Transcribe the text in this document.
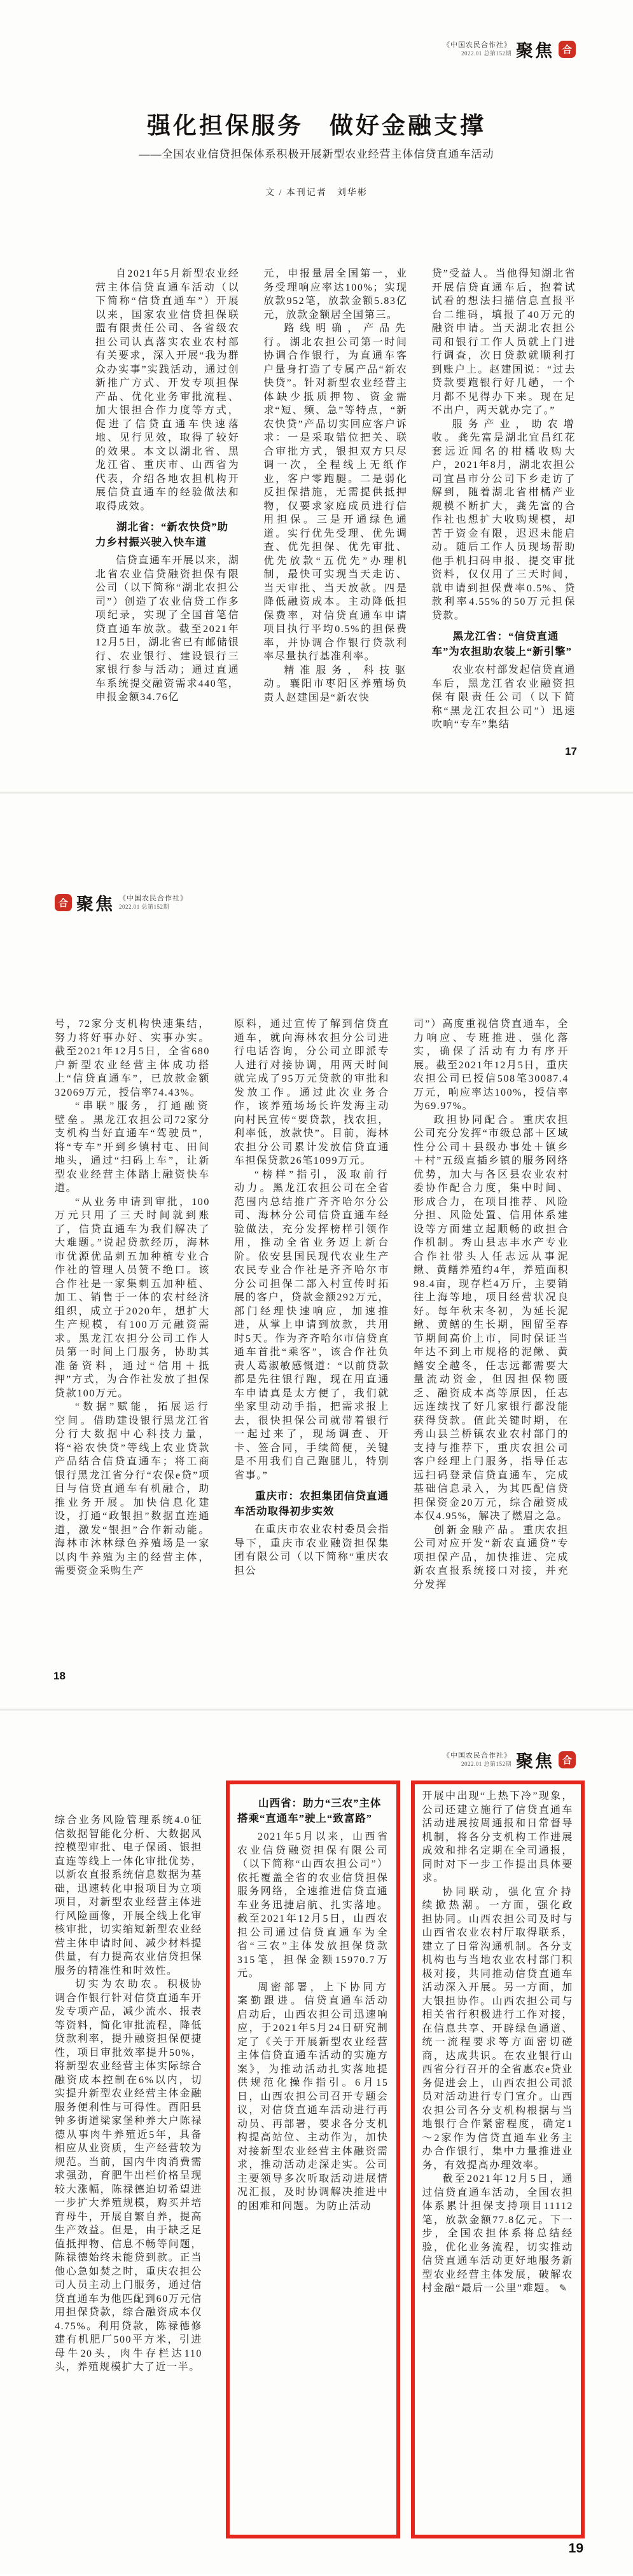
《中国农民合作社》
2022.01 总第152期 聚焦 合
强化担保服务　做好金融支撑
——全国农业信贷担保体系积极开展新型农业经营主体信贷直通车活动
文 / 本刊记者　刘华彬

自2021年5月新型农业经营主体信贷直通车活动（以下简称“信贷直通车”）开展以来，国家农业信贷担保联盟有限责任公司、各省级农担公司认真落实农业农村部有关要求，深入开展“我为群众办实事”实践活动，通过创新推广方式、开发专项担保产品、优化业务审批流程、加大银担合作力度等方式，促进了信贷直通车快速落地、见行见效，取得了较好的效果。本文以湖北省、黑龙江省、重庆市、山西省为代表，介绍各地农担机构开展信贷直通车的经验做法和取得成效。

湖北省：“新农快贷”助力乡村振兴驶入快车道

信贷直通车开展以来，湖北省农业信贷融资担保有限公司（以下简称“湖北农担公司”）创造了农业信贷工作多项纪录，实现了全国首笔信贷直通车放款。截至2021年12月5日，湖北省已有邮储银行、农业银行、建设银行三家银行参与活动；通过直通车系统提交融资需求440笔，申报金额34.76亿

元，申报量居全国第一，业务受理响应率达100%；实现放款952笔，放款金额5.83亿元，放款金额居全国第三。

路线明确，产品先行。湖北农担公司第一时间协调合作银行，为直通车客户量身打造了专属产品“新农快贷”。针对新型农业经营主体缺少抵质押物、资金需求“短、频、急”等特点，“新农快贷”产品切实回应客户诉求：一是采取错位把关、联合审批方式，银担双方只尽调一次，全程线上无纸作业，客户零跑腿。二是弱化反担保措施，无需提供抵押物，仅要求家庭成员进行信用担保。三是开通绿色通道。实行优先受理、优先调查、优先担保、优先审批、优先放款“五优先”办理机制，最快可实现当天走访、当天审批、当天放款。四是降低融资成本。主动降低担保费率，对信贷直通车申请项目执行平均0.5%的担保费率，并协调合作银行贷款利率尽量执行基准利率。

精准服务，科技驱动。襄阳市枣阳区养殖场负责人赵建国是“新农快

贷”受益人。当他得知湖北省开展信贷直通车后，抱着试试看的想法扫描信息直报平台二维码，填报了40万元的融资申请。当天湖北农担公司和银行工作人员就上门进行调查，次日贷款就顺利打到账户上。赵建国说：“过去贷款要跑银行好几趟，一个月都不见得办下来。现在足不出户，两天就办完了。”

服务产业，助农增收。龚先富是湖北宜昌红花套远近闻名的柑橘收购大户，2021年8月，湖北农担公司宜昌市分公司下乡走访了解到，随着湖北省柑橘产业规模不断扩大，龚先富的合作社也想扩大收购规模，却苦于资金有限，迟迟未能启动。随后工作人员现场帮助他手机扫码申报、提交审批资料，仅仅用了三天时间，就申请到担保费率0.5%、贷款利率4.55%的50万元担保贷款。

黑龙江省：“信贷直通车”为农担助农装上“新引擎”

农业农村部发起信贷直通车后，黑龙江省农业融资担保有限责任公司（以下简称“黑龙江农担公司”）迅速吹响“专车”集结

17
合 聚焦 《中国农民合作社》
2022.01 总第152期

号，72家分支机构快速集结，努力将好事办好、实事办实。截至2021年12月5日，全省680户新型农业经营主体成功搭上“信贷直通车”，已放款金额32069万元，授信率74.43%。

“串联”服务，打通融资壁垒。黑龙江农担公司72家分支机构当好直通车“驾驶员”，将“专车”开到乡镇村屯、田间地头，通过“扫码上车”，让新型农业经营主体踏上融资快车道。

“从业务申请到审批，100万元只用了三天时间就到账了，信贷直通车为我们解决了大难题。”说起贷款经历，海林市优源优品刺五加种植专业合作社的管理人员赞不绝口。该合作社是一家集刺五加种植、加工、销售于一体的农村经济组织，成立于2020年，想扩大生产规模，有100万元融资需求。黑龙江农担分公司工作人员第一时间上门服务，协助其准备资料，通过“信用＋抵押”方式，为合作社发放了担保贷款100万元。

“数据”赋能，拓展运行空间。借助建设银行黑龙江省分行大数据中心科技力量，将“裕农快贷”等线上农业贷款产品结合信贷直通车；将工商银行黑龙江省分行“农保e贷”项目与信贷直通车有机融合，助推业务开展。加快信息化建设，打通“政银担”数据直连通道，激发“银担”合作新动能。海林市沐林绿色养殖场是一家以肉牛养殖为主的经营主体，需要资金采购生产

原料，通过宣传了解到信贷直通车，就向海林农担分公司进行电话咨询，分公司立即派专人进行对接协调，用两天时间就完成了95万元贷款的审批和发放工作。通过此次业务合作，该养殖场场长许发海主动向村民宣传“要贷款，找农担，利率低，放款快”。目前，海林农担分公司累计发放信贷直通车担保贷款26笔1099万元。

“榜样”指引，汲取前行动力。黑龙江农担公司在全省范围内总结推广齐齐哈尔分公司、海林分公司信贷直通车经验做法，充分发挥榜样引领作用，推动全省业务迈上新台阶。依安县国民现代农业生产农民专业合作社是齐齐哈尔市分公司担保二部入村宣传时拓展的客户，贷款金额292万元，部门经理快速响应，加速推进，从掌上申请到放款，共用时5天。作为齐齐哈尔市信贷直通车首批“乘客”，该合作社负责人葛淑敏感慨道：“以前贷款都是先往银行跑，现在用直通车申请真是太方便了，我们就坐家里动动手指，把需求报上去，很快担保公司就带着银行一起过来了，现场调查、开卡、签合同，手续简便，关键是不用我们自己跑腿儿，特别省事。”

重庆市：农担集团信贷直通车活动取得初步实效

在重庆市农业农村委员会指导下，重庆市农业融资担保集团有限公司（以下简称“重庆农担公

司”）高度重视信贷直通车，全力响应、专班推进、强化落实，确保了活动有力有序开展。截至2021年12月5日，重庆农担公司已授信508笔30087.4万元，响应率达100%，授信率为69.97%。

政担协同配合。重庆农担公司充分发挥“市级总部＋区域性分公司＋县级办事处＋镇乡＋村”五级直插乡镇的服务网络优势，加大与各区县农业农村委协作配合力度，集中时间、形成合力，在项目推荐、风险分担、风险处置、信用体系建设等方面建立起顺畅的政担合作机制。秀山县志丰水产专业合作社带头人任志远从事泥鳅、黄鳝养殖约4年，养殖面积98.4亩，现存栏4万斤，主要销往上海等地，项目经营状况良好。每年秋末冬初，为延长泥鳅、黄鳝的生长期，囤留至春节期间高价上市，同时保证当年达不到上市规格的泥鳅、黄鳝安全越冬，任志远都需要大量流动资金，但因担保物匮乏、融资成本高等原因，任志远连续找了好几家银行都没能获得贷款。值此关键时期，在秀山县兰桥镇农业农村部门的支持与推荐下，重庆农担公司客户经理上门服务，指导任志远扫码登录信贷直通车，完成基础信息录入，为其匹配信贷担保资金20万元，综合融资成本仅4.95%，解决了燃眉之急。

创新金融产品。重庆农担公司对应开发“新农直通贷”专项担保产品，加快推进、完成新农直报系统接口对接，并充分发挥

18
《中国农民合作社》
2022.01 总第152期 聚焦 合

综合业务风险管理系统4.0征信数据智能化分析、大数据风控模型审批、电子保函、银担直连等线上一体化审批优势，以新农直报系统信息数据为基础，迅速转化申报项目为立项项目，对新型农业经营主体进行风险画像，开展全线上化审核审批，切实缩短新型农业经营主体申请时间、减少材料提供量，有力提高农业信贷担保服务的精准性和时效性。

切实为农助农。积极协调合作银行针对信贷直通车开发专项产品，减少流水、报表等资料，简化审批流程，降低贷款利率，提升融资担保便捷性，项目审批效率提升50%，将新型农业经营主体实际综合融资成本控制在6%以内，切实提升新型农业经营主体金融服务便利性与可得性。酉阳县钟多街道梁家堡种养大户陈禄德从事肉牛养殖近5年，具备相应从业资质，生产经营较为规范。当前，国内牛肉消费需求强劲，育肥牛出栏价格呈现较大涨幅，陈禄德迫切希望进一步扩大养殖规模，购买并培育母牛，开展自繁自养，提高生产效益。但是，由于缺乏足值抵押物、信息不畅等问题，陈禄德始终未能贷到款。正当他心急如焚之时，重庆农担公司人员主动上门服务，通过信贷直通车为他匹配到60万元信用担保贷款，综合融资成本仅4.75%。利用贷款，陈禄德修建有机肥厂500平方米，引进母牛20头，肉牛存栏达110头，养殖规模扩大了近一半。

山西省：助力“三农”主体搭乘“直通车”驶上“致富路”

2021年5月以来，山西省农业信贷融资担保有限公司（以下简称“山西农担公司”）依托覆盖全省的农业信贷担保服务网络，全速推进信贷直通车业务迅捷启航、扎实落地。截至2021年12月5日，山西农担公司通过信贷直通车为全省“三农”主体发放担保贷款315笔，担保金额15970.7万元。

周密部署，上下协同方案勤跟进。信贷直通车活动启动后，山西农担公司迅速响应，于2021年5月24日研究制定了《关于开展新型农业经营主体信贷直通车活动的实施方案》，为推动活动扎实落地提供规范化操作指引。6月15日，山西农担公司召开专题会议，对信贷直通车活动进行再动员、再部署，要求各分支机构提高站位、主动作为，加快对接新型农业经营主体融资需求，推动活动走深走实。公司主要领导多次听取活动进展情况汇报，及时协调解决推进中的困难和问题。为防止活动

开展中出现“上热下冷”现象，公司还建立施行了信贷直通车活动进展按周通报和日常督导机制，将各分支机构工作进展成效和排名定期在全司通报，同时对下一步工作提出具体要求。

协同联动，强化宣介持续掀热潮。一方面，强化政担协同。山西农担公司及时与山西省农业农村厅取得联系，建立了日常沟通机制。各分支机构也与当地农业农村部门积极对接，共同推动信贷直通车活动深入开展。另一方面，加大银担协作。山西农担公司与相关省行积极进行工作对接，在信息共享、开辟绿色通道、统一流程要求等方面密切磋商，达成共识。在农业银行山西省分行召开的全省惠农e贷业务促进会上，山西农担公司派员对活动进行专门宣介。山西农担公司各分支机构根据与当地银行合作紧密程度，确定1～2家作为信贷直通车业务主办合作银行，集中力量推进业务，有效提高办理效率。

截至2021年12月5日，通过信贷直通车活动，全国农担体系累计担保支持项目11112笔，放款金额77.8亿元。下一步，全国农担体系将总结经验，优化业务流程，切实推动信贷直通车活动更好地服务新型农业经营主体发展，破解农村金融“最后一公里”难题。 ✎

19
